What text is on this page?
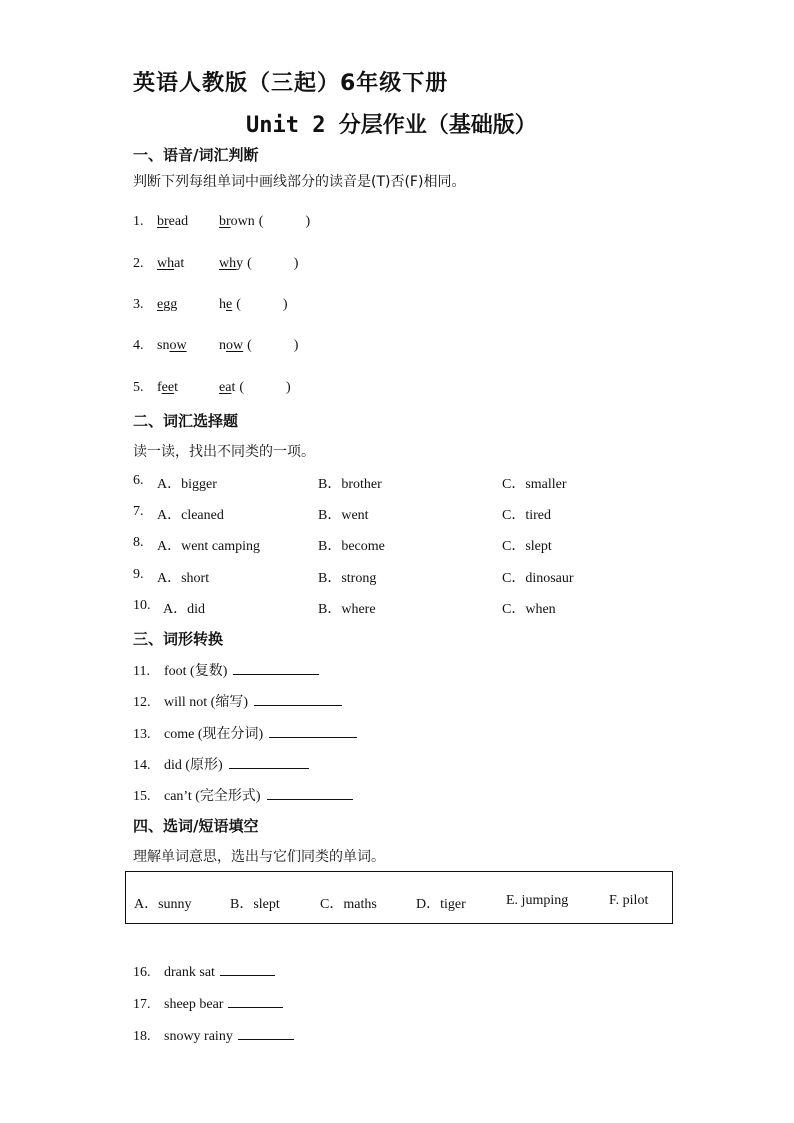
英语人教版（三起）6年级下册
Unit 2 分层作业（基础版）
一、语音/词汇判断
判断下列每组单词中画线部分的读音是(T)否(F)相同。
1. bread brown (　　　)
2. what why (　　　)
3. egg	he (　　　)
4. snow now (　　　)
5. feet	eat (　　　)
二、词汇选择题
读一读，找出不同类的一项。
6. A．bigger	B．brother	C．smaller
7. A．cleaned	B．went	C．tired
8. A．went camping	B．become	C．slept
9. A．short	B．strong	C．dinosaur
10. A．did	B．where	C．when
三、词形转换
11. foot (复数)
12. will not (缩写)
13. come (现在分词)
14. did (原形)
15. can’t (完全形式)
四、选词/短语填空
理解单词意思，选出与它们同类的单词。
A．sunny	B．slept	C．maths	D．tiger	E. jumping	F. pilot
16. drank sat
17. sheep bear
18. snowy rainy
